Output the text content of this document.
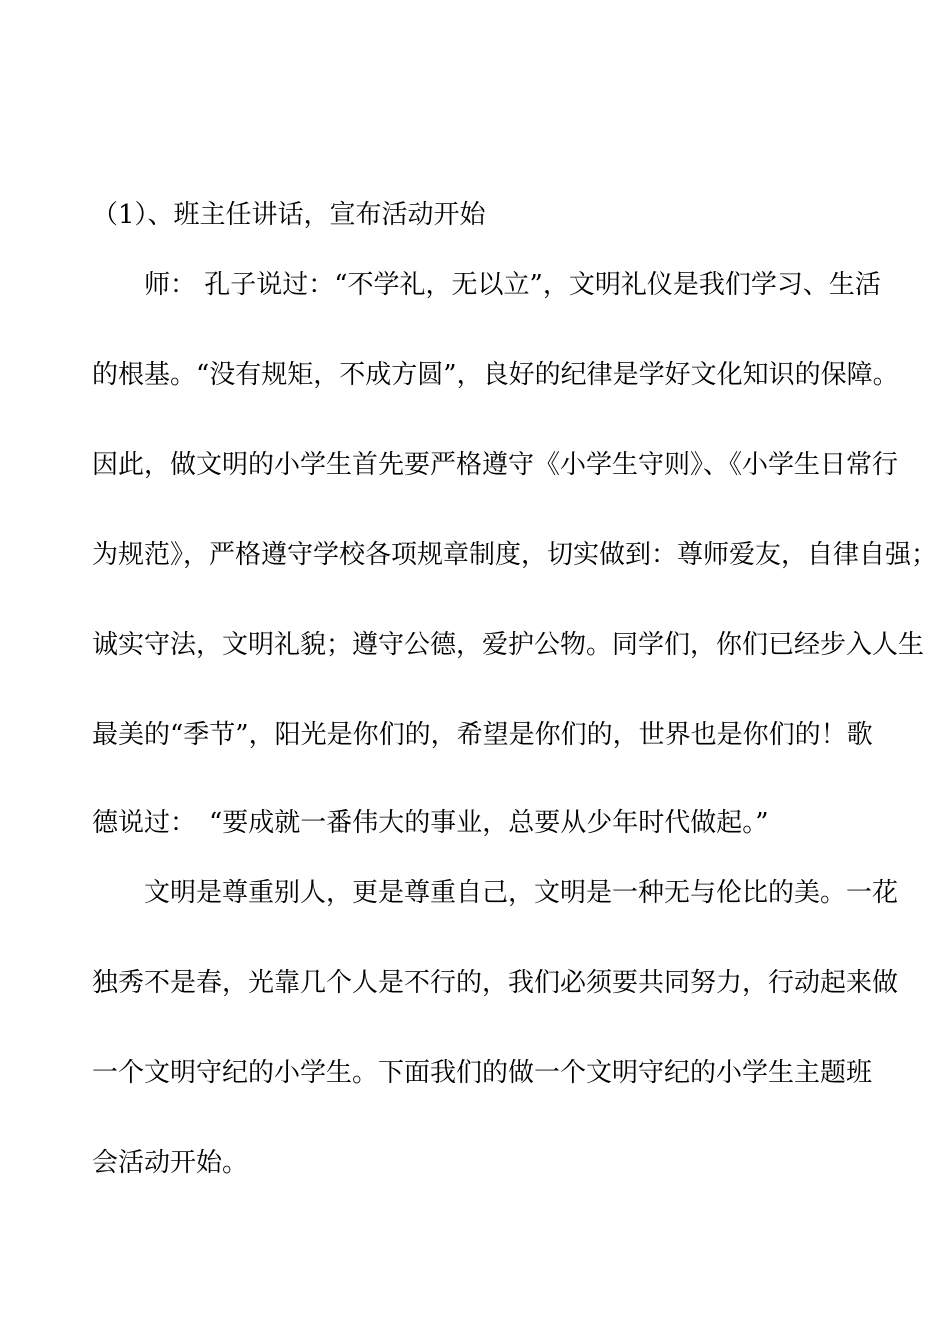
（1）、班主任讲话，宣布活动开始
师： 孔子说过：“不学礼，无以立”，文明礼仪是我们学习、生活
的根基。“没有规矩，不成方圆”，良好的纪律是学好文化知识的保障。
因此，做文明的小学生首先要严格遵守《小学生守则》、《小学生日常行
为规范》，严格遵守学校各项规章制度，切实做到：尊师爱友，自律自强；
诚实守法，文明礼貌；遵守公德，爱护公物。同学们，你们已经步入人生
最美的“季节”，阳光是你们的，希望是你们的，世界也是你们的！歌
德说过：　“要成就一番伟大的事业，总要从少年时代做起。”
文明是尊重别人，更是尊重自己，文明是一种无与伦比的美。一花
独秀不是春，光靠几个人是不行的，我们必须要共同努力，行动起来做
一个文明守纪的小学生。下面我们的做一个文明守纪的小学生主题班
会活动开始。
